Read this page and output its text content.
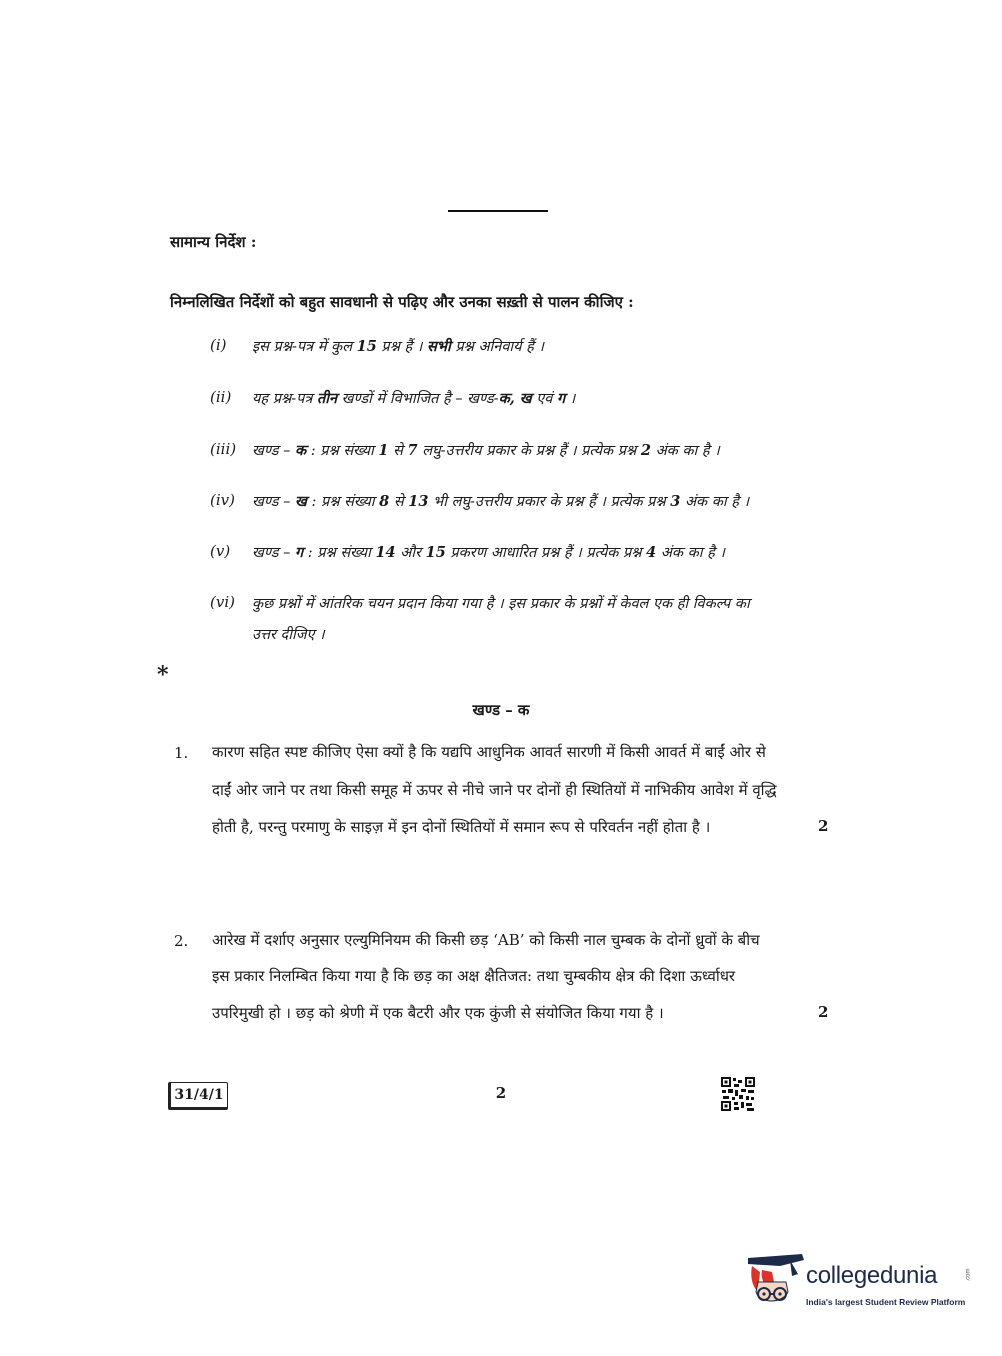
सामान्य निर्देश :
निम्नलिखित निर्देशों को बहुत सावधानी से पढ़िए और उनका सख़्ती से पालन कीजिए :
(i) इस प्रश्न-पत्र में कुल 15 प्रश्न हैं । सभी प्रश्न अनिवार्य हैं ।
(ii) यह प्रश्न-पत्र तीन खण्डों में विभाजित है – खण्ड-क, ख एवं ग ।
(iii) खण्ड – क : प्रश्न संख्या 1 से 7 लघु-उत्तरीय प्रकार के प्रश्न हैं । प्रत्येक प्रश्न 2 अंक का है ।
(iv) खण्ड – ख : प्रश्न संख्या 8 से 13 भी लघु-उत्तरीय प्रकार के प्रश्न हैं । प्रत्येक प्रश्न 3 अंक का है ।
(v) खण्ड – ग : प्रश्न संख्या 14 और 15 प्रकरण आधारित प्रश्न हैं । प्रत्येक प्रश्न 4 अंक का है ।
(vi) कुछ प्रश्नों में आंतरिक चयन प्रदान किया गया है । इस प्रकार के प्रश्नों में केवल एक ही विकल्प का
उत्तर दीजिए ।
*
खण्ड – क
1. कारण सहित स्पष्ट कीजिए ऐसा क्यों है कि यद्यपि आधुनिक आवर्त सारणी में किसी आवर्त में बाईं ओर से
दाईं ओर जाने पर तथा किसी समूह में ऊपर से नीचे जाने पर दोनों ही स्थितियों में नाभिकीय आवेश में वृद्धि
होती है, परन्तु परमाणु के साइज़ में इन दोनों स्थितियों में समान रूप से परिवर्तन नहीं होता है ।	2
2. आरेख में दर्शाए अनुसार एल्युमिनियम की किसी छड़ ‘AB’ को किसी नाल चुम्बक के दोनों ध्रुवों के बीच
इस प्रकार निलम्बित किया गया है कि छड़ का अक्ष क्षैतिजत: तथा चुम्बकीय क्षेत्र की दिशा ऊर्ध्वाधर
उपरिमुखी हो । छड़ को श्रेणी में एक बैटरी और एक कुंजी से संयोजित किया गया है ।	2
31/4/1	2
collegedunia	.com
India's largest Student Review Platform
